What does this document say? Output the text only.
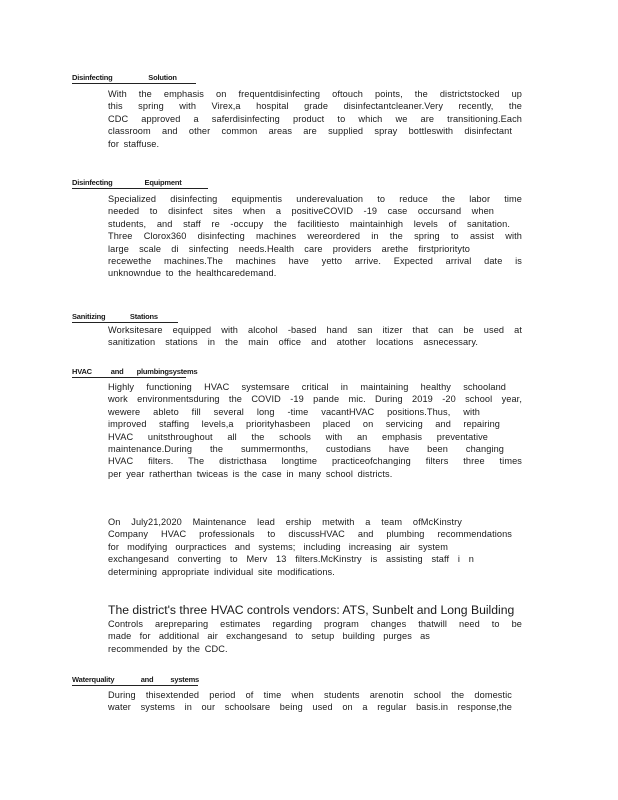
Disinfecting                   Solution
With the emphasis on frequentdisinfecting oftouch points, the districtstocked up
this spring with Virex,a hospital grade disinfectantcleaner.Very recently, the
CDC approved a saferdisinfecting product to which we are transitioning.Each
classroom and other common areas are supplied spray bottleswith disinfectant
for staffuse.
Disinfecting                 Equipment
Specialized disinfecting equipmentis underevaluation to reduce the labor time
needed to disinfect sites when a positiveCOVID -19 case occursand when
students, and staff re -occupy the facilitiesto maintainhigh levels of sanitation.
Three Clorox360 disinfecting machines wereordered in the spring to assist with
large scale di sinfecting needs.Health care providers arethe firstpriorityto
recewethe machines.The machines have yetto arrive. Expected arrival date is
unknowndue to the healthcaredemand.
Sanitizing             Stations
Worksitesare equipped with alcohol -based hand san itizer that can be used at
sanitization stations in the main office and atother locations asnecessary.
HVAC          and       plumbingsystems
Highly functioning HVAC systemsare critical in maintaining healthy schooland
work environmentsduring the COVID -19 pande mic. During 2019 -20 school year,
wewere ableto fill several long -time vacantHVAC positions.Thus, with
improved staffing levels,a priorityhasbeen placed on servicing and repairing
HVAC unitsthroughout all the schools with an emphasis preventative
maintenance.During the summermonths, custodians have been changing
HVAC filters. The districthasa longtime practiceofchanging filters three times
per year ratherthan twiceas is the case in many school districts.
On July21,2020 Maintenance lead ership metwith a team ofMcKinstry
Company HVAC professionals to discussHVAC and plumbing recommendations
for modifying ourpractices and systems; including increasing air system
exchangesand converting to Merv 13 filters.McKinstry is assisting staff i n
determining appropriate individual site modifications.
The district's three HVAC controls vendors: ATS, Sunbelt and Long Building
Controls arepreparing estimates regarding program changes thatwill need to be
made for additional air exchangesand to setup building purges as
recommended by the CDC.
Waterquality              and         systems
During thisextended period of time when students arenotin school the domestic
water systems in our schoolsare being used on a regular basis.in response,the
